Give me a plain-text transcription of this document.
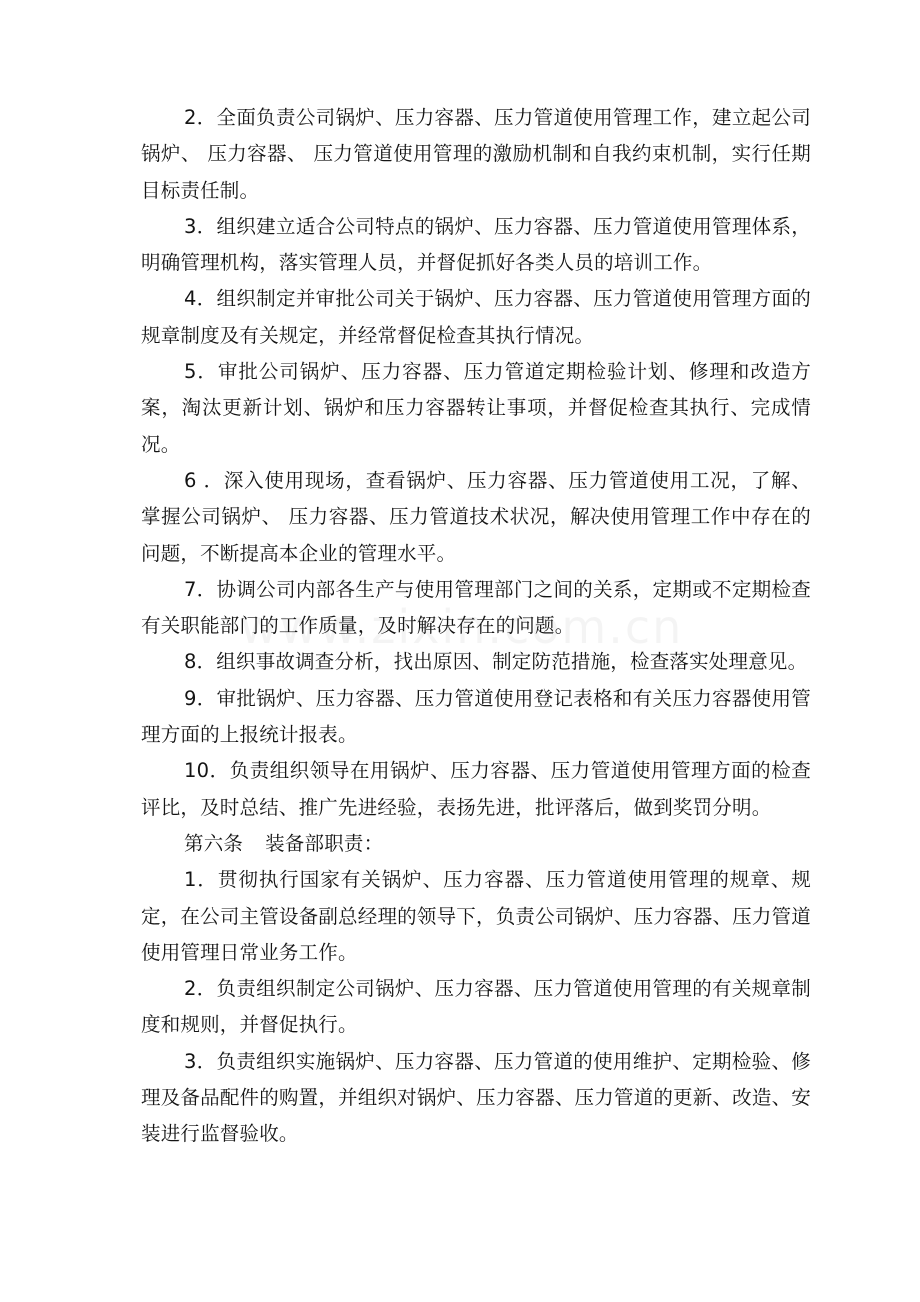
2．全面负责公司锅炉、压力容器、压力管道使用管理工作，建立起公司锅炉、 压力容器、 压力管道使用管理的激励机制和自我约束机制，实行任期目标责任制。

3．组织建立适合公司特点的锅炉、压力容器、压力管道使用管理体系， 明确管理机构，落实管理人员，并督促抓好各类人员的培训工作。

4．组织制定并审批公司关于锅炉、压力容器、压力管道使用管理方面的规章制度及有关规定，并经常督促检查其执行情况。

5．审批公司锅炉、压力容器、压力管道定期检验计划、修理和改造方案，淘汰更新计划、锅炉和压力容器转让事项，并督促检查其执行、完成情况。

6 ．深入使用现场，查看锅炉、压力容器、压力管道使用工况，了解、掌握公司锅炉、 压力容器、压力管道技术状况，解决使用管理工作中存在的问题，不断提高本企业的管理水平。

7．协调公司内部各生产与使用管理部门之间的关系，定期或不定期检查有关职能部门的工作质量，及时解决存在的问题。

8．组织事故调查分析，找出原因、制定防范措施，检查落实处理意见。

9．审批锅炉、压力容器、压力管道使用登记表格和有关压力容器使用管理方面的上报统计报表。

10．负责组织领导在用锅炉、压力容器、压力管道使用管理方面的检查评比，及时总结、推广先进经验，表扬先进，批评落后，做到奖罚分明。

第六条 装备部职责：

1．贯彻执行国家有关锅炉、压力容器、压力管道使用管理的规章、规定，在公司主管设备副总经理的领导下，负责公司锅炉、压力容器、压力管道使用管理日常业务工作。

2．负责组织制定公司锅炉、压力容器、压力管道使用管理的有关规章制度和规则，并督促执行。

3．负责组织实施锅炉、压力容器、压力管道的使用维护、定期检验、修理及备品配件的购置，并组织对锅炉、压力容器、压力管道的更新、改造、安装进行监督验收。
